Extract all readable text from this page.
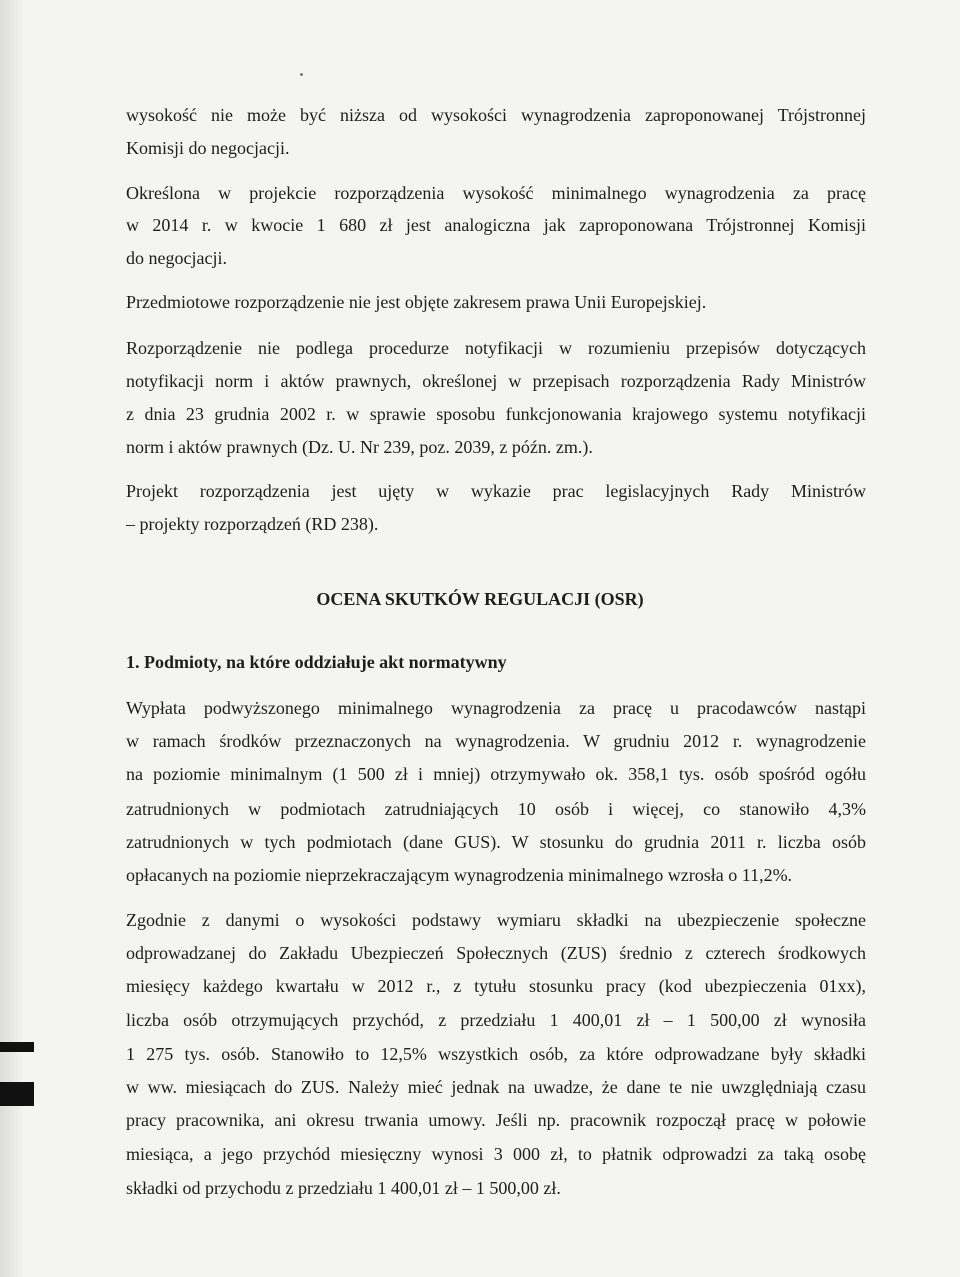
wysokość nie może być niższa od wysokości wynagrodzenia zaproponowanej Trójstronnej
Komisji do negocjacji.
Określona w projekcie rozporządzenia wysokość minimalnego wynagrodzenia za pracę
w 2014 r. w kwocie 1 680 zł jest analogiczna jak zaproponowana Trójstronnej Komisji
do negocjacji.
Przedmiotowe rozporządzenie nie jest objęte zakresem prawa Unii Europejskiej.
Rozporządzenie nie podlega procedurze notyfikacji w rozumieniu przepisów dotyczących
notyfikacji norm i aktów prawnych, określonej w przepisach rozporządzenia Rady Ministrów
z dnia 23 grudnia 2002 r. w sprawie sposobu funkcjonowania krajowego systemu notyfikacji
norm i aktów prawnych (Dz. U. Nr 239, poz. 2039, z późn. zm.).
Projekt rozporządzenia jest ujęty w wykazie prac legislacyjnych Rady Ministrów
– projekty rozporządzeń (RD 238).
OCENA SKUTKÓW REGULACJI (OSR)
1. Podmioty, na które oddziałuje akt normatywny
Wypłata podwyższonego minimalnego wynagrodzenia za pracę u pracodawców nastąpi
w ramach środków przeznaczonych na wynagrodzenia. W grudniu 2012 r. wynagrodzenie
na poziomie minimalnym (1 500 zł i mniej) otrzymywało ok. 358,1 tys. osób spośród ogółu
zatrudnionych w podmiotach zatrudniających 10 osób i więcej, co stanowiło 4,3%
zatrudnionych w tych podmiotach (dane GUS). W stosunku do grudnia 2011 r. liczba osób
opłacanych na poziomie nieprzekraczającym wynagrodzenia minimalnego wzrosła o 11,2%.
Zgodnie z danymi o wysokości podstawy wymiaru składki na ubezpieczenie społeczne
odprowadzanej do Zakładu Ubezpieczeń Społecznych (ZUS) średnio z czterech środkowych
miesięcy każdego kwartału w 2012 r., z tytułu stosunku pracy (kod ubezpieczenia 01xx),
liczba osób otrzymujących przychód, z przedziału 1 400,01 zł – 1 500,00 zł wynosiła
1 275 tys. osób. Stanowiło to 12,5% wszystkich osób, za które odprowadzane były składki
w ww. miesiącach do ZUS. Należy mieć jednak na uwadze, że dane te nie uwzględniają czasu
pracy pracownika, ani okresu trwania umowy. Jeśli np. pracownik rozpoczął pracę w połowie
miesiąca, a jego przychód miesięczny wynosi 3 000 zł, to płatnik odprowadzi za taką osobę
składki od przychodu z przedziału 1 400,01 zł – 1 500,00 zł.
